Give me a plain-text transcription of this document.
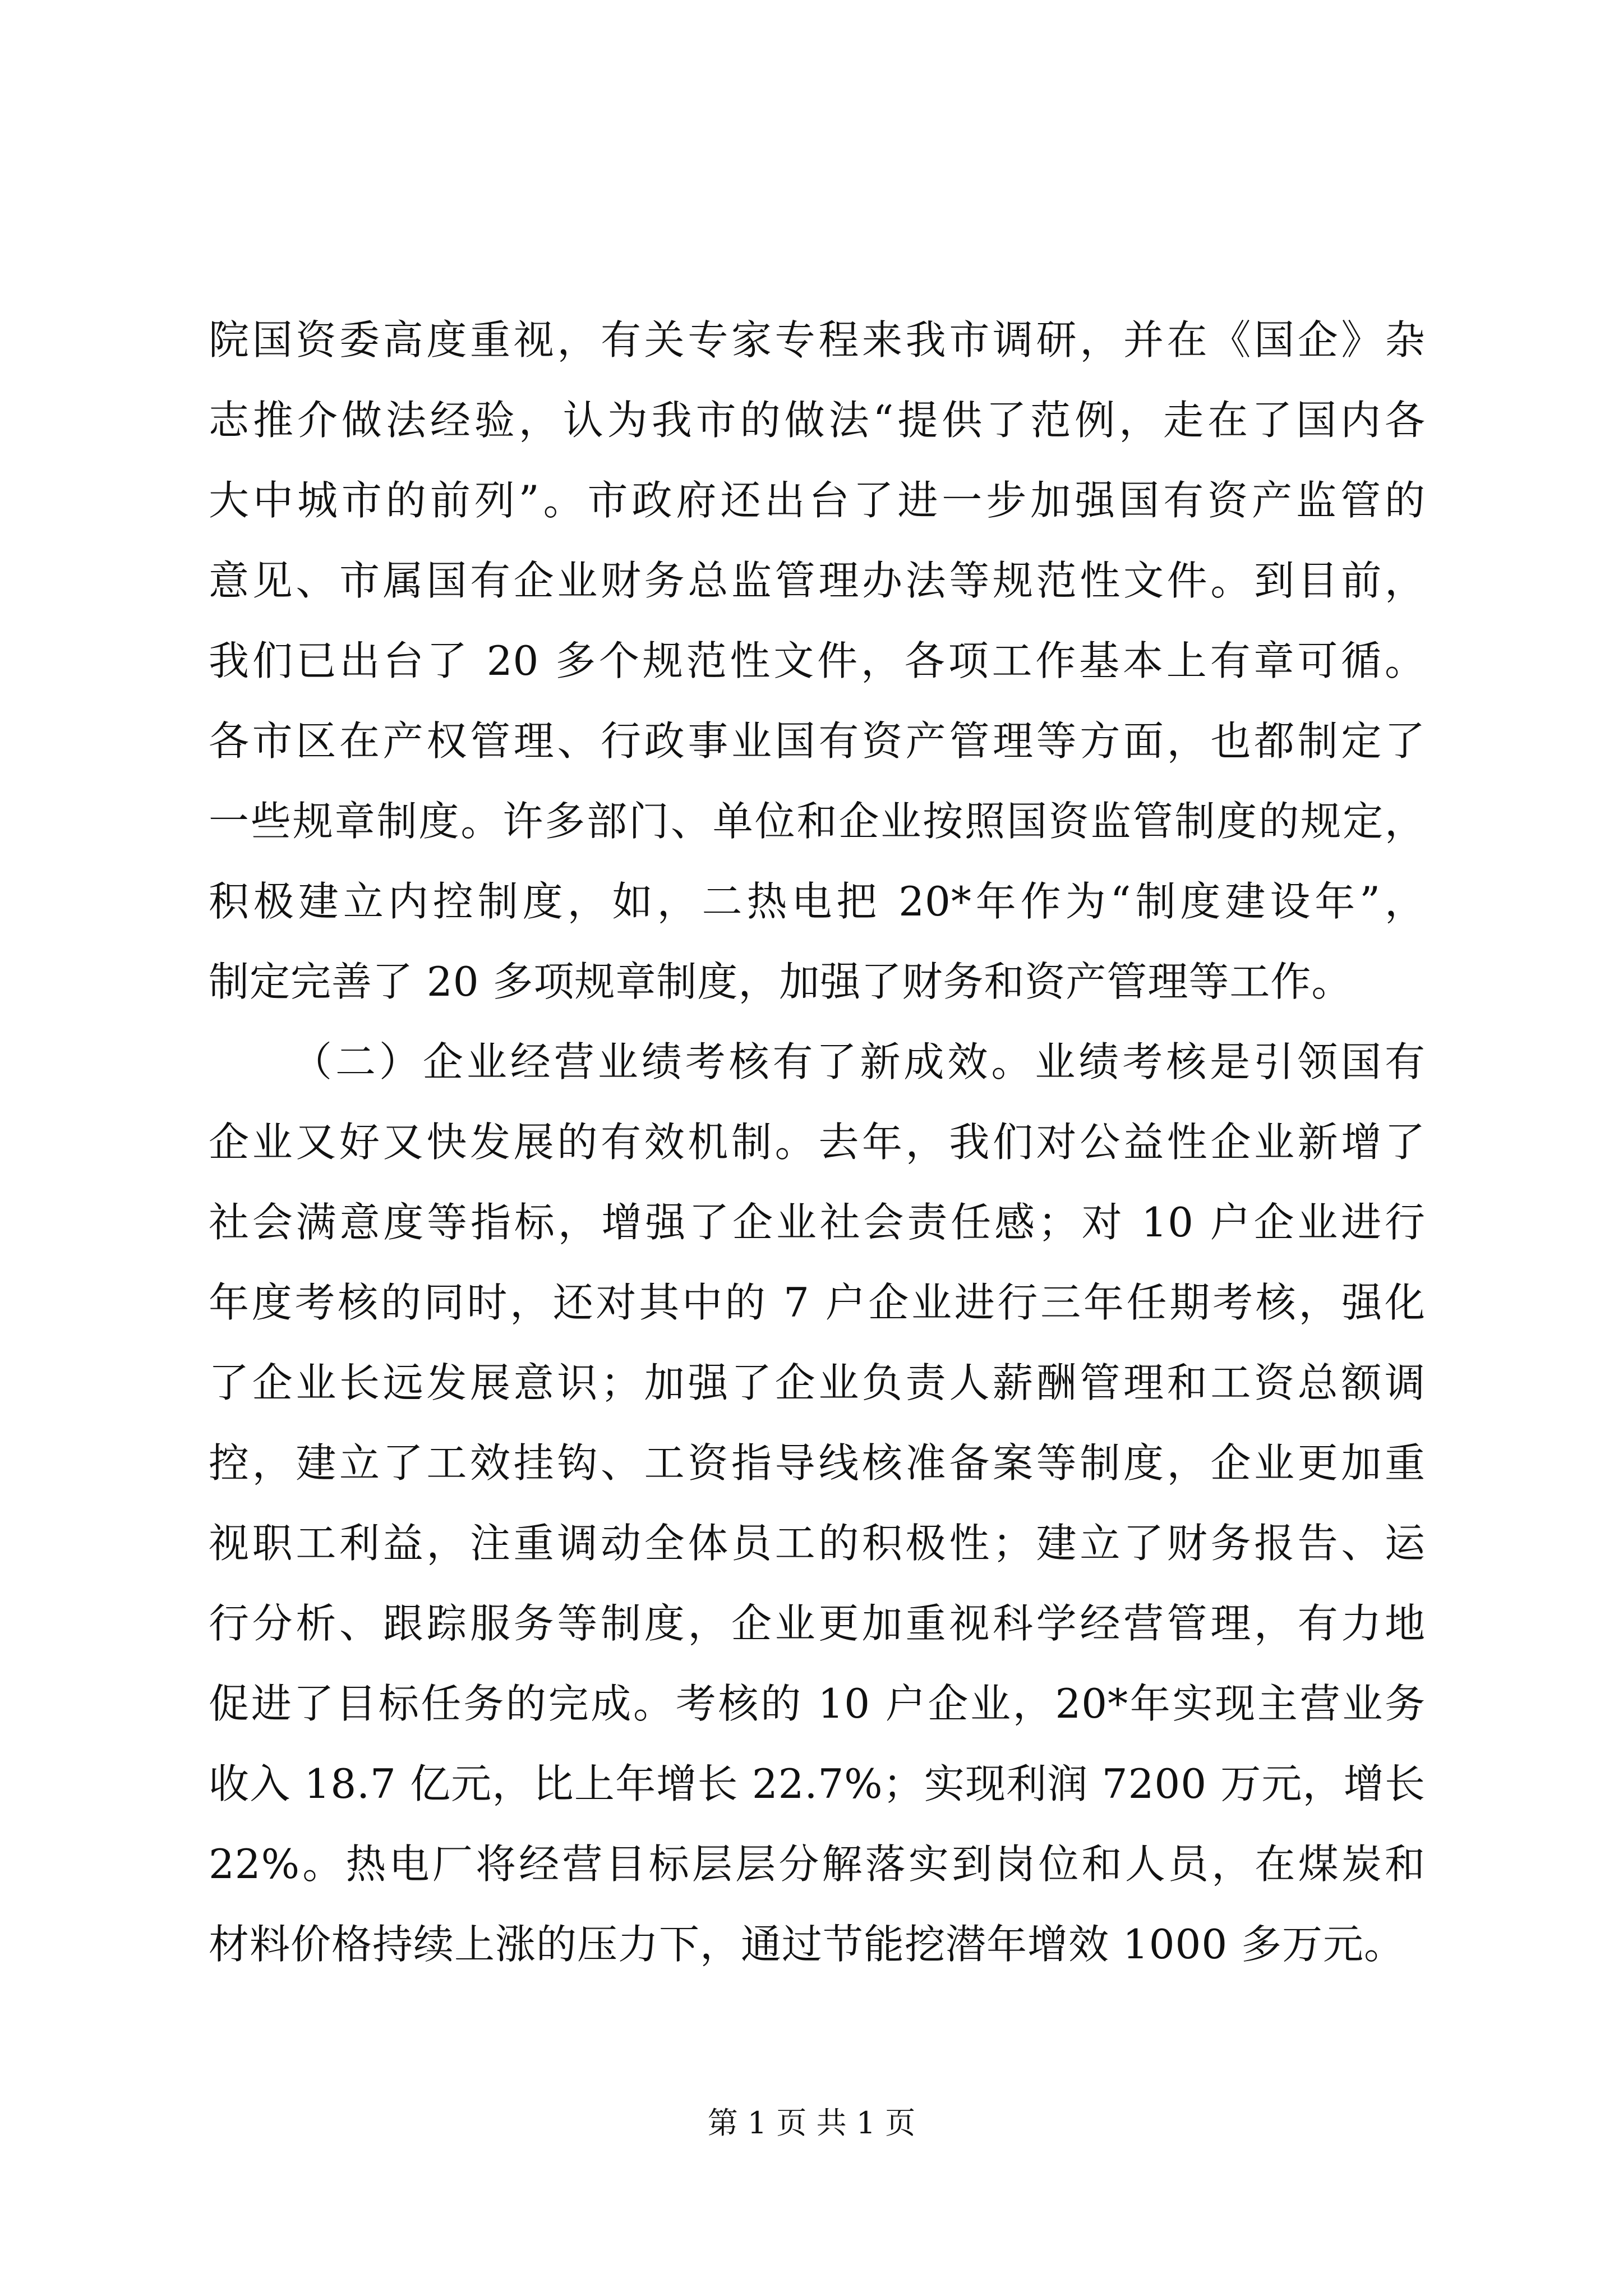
院国资委高度重视，有关专家专程来我市调研，并在《国企》杂
志推介做法经验，认为我市的做法“提供了范例，走在了国内各
大中城市的前列”。市政府还出台了进一步加强国有资产监管的
意见、市属国有企业财务总监管理办法等规范性文件。到目前，
我们已出台了 20 多个规范性文件，各项工作基本上有章可循。
各市区在产权管理、行政事业国有资产管理等方面，也都制定了
一些规章制度。许多部门、单位和企业按照国资监管制度的规定，
积极建立内控制度，如，二热电把 20*年作为“制度建设年”，
制定完善了 20 多项规章制度，加强了财务和资产管理等工作。
（二）企业经营业绩考核有了新成效。业绩考核是引领国有
企业又好又快发展的有效机制。去年，我们对公益性企业新增了
社会满意度等指标，增强了企业社会责任感；对 10 户企业进行
年度考核的同时，还对其中的 7 户企业进行三年任期考核，强化
了企业长远发展意识；加强了企业负责人薪酬管理和工资总额调
控，建立了工效挂钩、工资指导线核准备案等制度，企业更加重
视职工利益，注重调动全体员工的积极性；建立了财务报告、运
行分析、跟踪服务等制度，企业更加重视科学经营管理，有力地
促进了目标任务的完成。考核的 10 户企业，20*年实现主营业务
收入 18.7 亿元，比上年增长 22.7%；实现利润 7200 万元，增长
22%。热电厂将经营目标层层分解落实到岗位和人员，在煤炭和
材料价格持续上涨的压力下，通过节能挖潜年增效 1000 多万元。
第 1 页 共 1 页
